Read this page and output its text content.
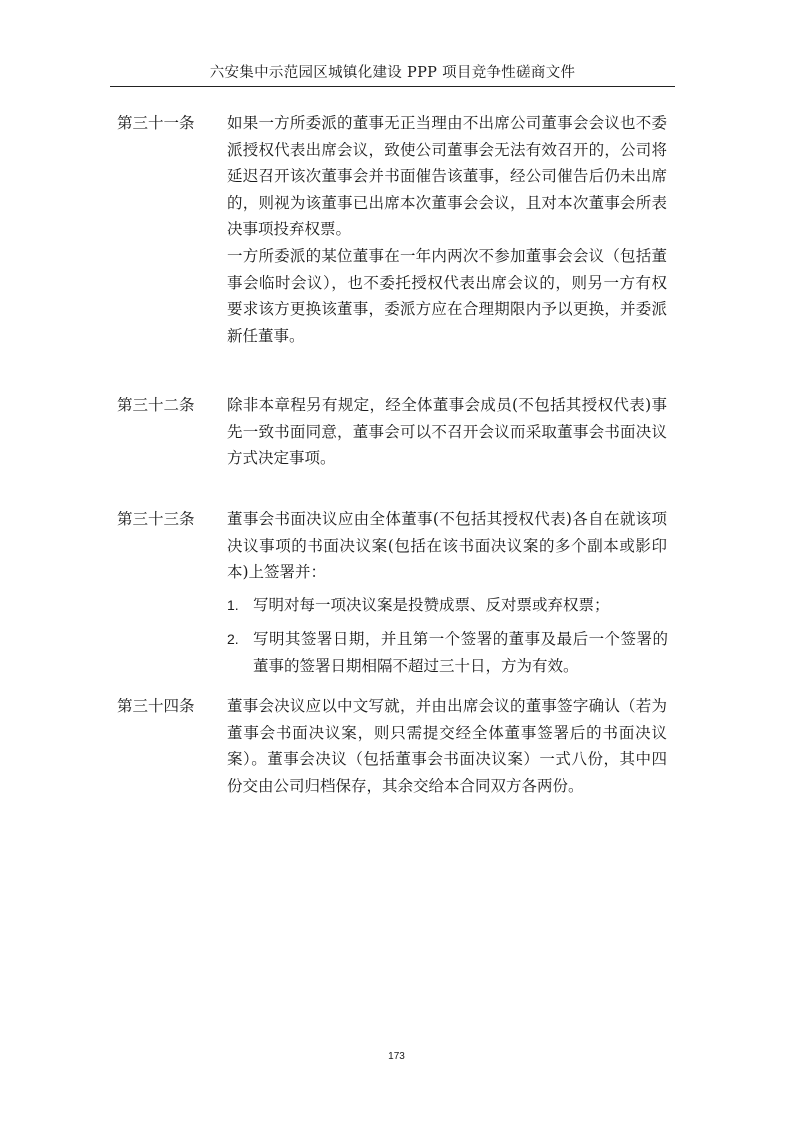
六安集中示范园区城镇化建设 PPP 项目竞争性磋商文件
第三十一条	如果一方所委派的董事无正当理由不出席公司董事会会议也不委派授权代表出席会议，致使公司董事会无法有效召开的，公司将延迟召开该次董事会并书面催告该董事，经公司催告后仍未出席的，则视为该董事已出席本次董事会会议，且对本次董事会所表决事项投弃权票。
一方所委派的某位董事在一年内两次不参加董事会会议（包括董事会临时会议），也不委托授权代表出席会议的，则另一方有权要求该方更换该董事，委派方应在合理期限内予以更换，并委派新任董事。
第三十二条	除非本章程另有规定，经全体董事会成员(不包括其授权代表)事先一致书面同意，董事会可以不召开会议而采取董事会书面决议方式决定事项。
第三十三条	董事会书面决议应由全体董事(不包括其授权代表)各自在就该项决议事项的书面决议案(包括在该书面决议案的多个副本或影印本)上签署并：
1. 写明对每一项决议案是投赞成票、反对票或弃权票；
2. 写明其签署日期，并且第一个签署的董事及最后一个签署的董事的签署日期相隔不超过三十日，方为有效。
第三十四条	董事会决议应以中文写就，并由出席会议的董事签字确认（若为董事会书面决议案，则只需提交经全体董事签署后的书面决议案）。董事会决议（包括董事会书面决议案）一式八份，其中四份交由公司归档保存，其余交给本合同双方各两份。
173
